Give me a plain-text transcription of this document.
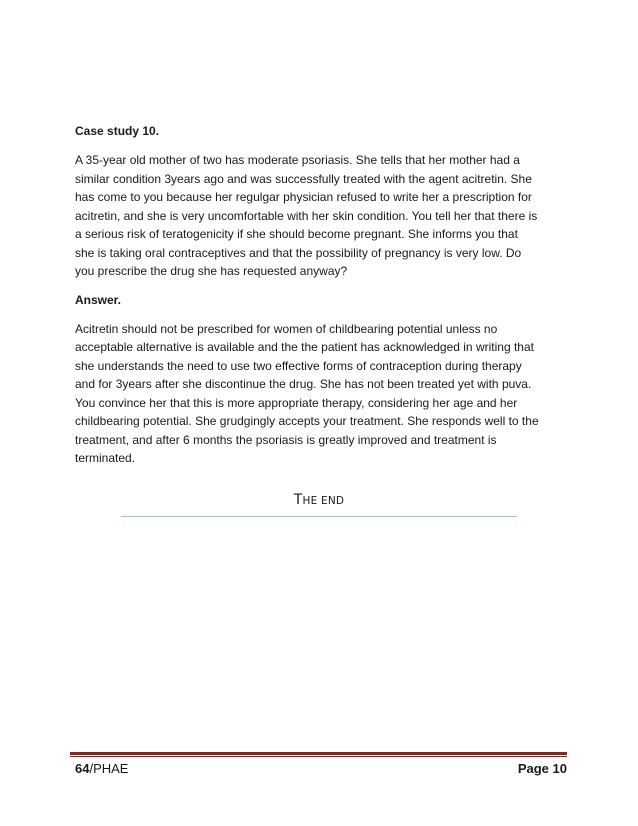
Case study 10.
A 35-year old mother of two has moderate psoriasis. She tells that her mother had a
similar condition 3years ago and was successfully treated with the agent acitretin. She
has come to you because her regulgar physician refused to write her a prescription for
acitretin, and she is very uncomfortable with her skin condition. You tell her that there is
a serious risk of teratogenicity if she should become pregnant. She informs you that
she is taking oral contraceptives and that the possibility of pregnancy is very low. Do
you prescribe the drug she has requested anyway?
Answer.
Acitretin should not be prescribed for women of childbearing potential unless no
acceptable alternative is available and the the patient has acknowledged in writing that
she understands the need to use two effective forms of contraception during therapy
and for 3years after she discontinue the drug. She has not been treated yet with puva.
You convince her that this is more appropriate therapy, considering her age and her
childbearing potential. She grudgingly accepts your treatment. She responds well to the
treatment, and after 6 months the psoriasis is greatly improved and treatment is
terminated.
THE END
64/PHAE	Page 10
